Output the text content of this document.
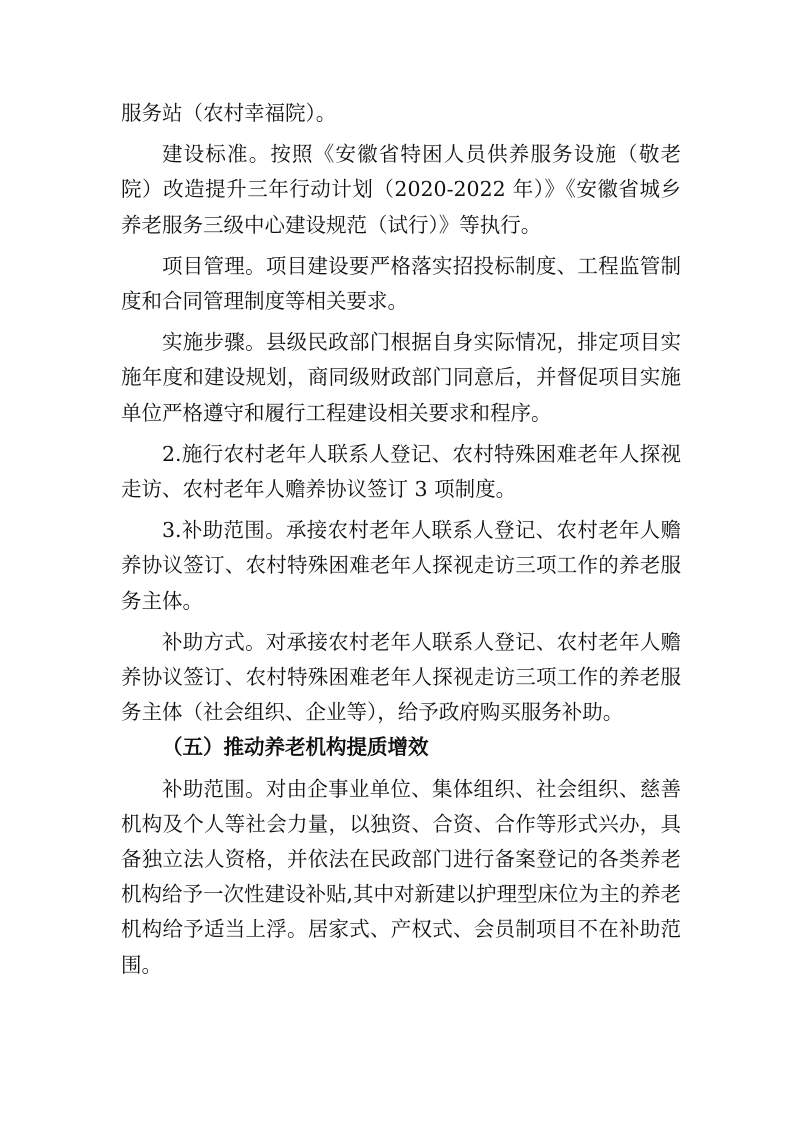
服务站（农村幸福院）。

建设标准。按照《安徽省特困人员供养服务设施（敬老院）改造提升三年行动计划（2020-2022 年）》《安徽省城乡养老服务三级中心建设规范（试行）》等执行。

项目管理。项目建设要严格落实招投标制度、工程监管制度和合同管理制度等相关要求。

实施步骤。县级民政部门根据自身实际情况，排定项目实施年度和建设规划，商同级财政部门同意后，并督促项目实施单位严格遵守和履行工程建设相关要求和程序。

2.施行农村老年人联系人登记、农村特殊困难老年人探视走访、农村老年人赡养协议签订 3 项制度。

3.补助范围。承接农村老年人联系人登记、农村老年人赡养协议签订、农村特殊困难老年人探视走访三项工作的养老服务主体。

补助方式。对承接农村老年人联系人登记、农村老年人赡养协议签订、农村特殊困难老年人探视走访三项工作的养老服务主体（社会组织、企业等），给予政府购买服务补助。

（五）推动养老机构提质增效

补助范围。对由企事业单位、集体组织、社会组织、慈善机构及个人等社会力量，以独资、合资、合作等形式兴办，具备独立法人资格，并依法在民政部门进行备案登记的各类养老机构给予一次性建设补贴,其中对新建以护理型床位为主的养老机构给予适当上浮。居家式、产权式、会员制项目不在补助范围。
